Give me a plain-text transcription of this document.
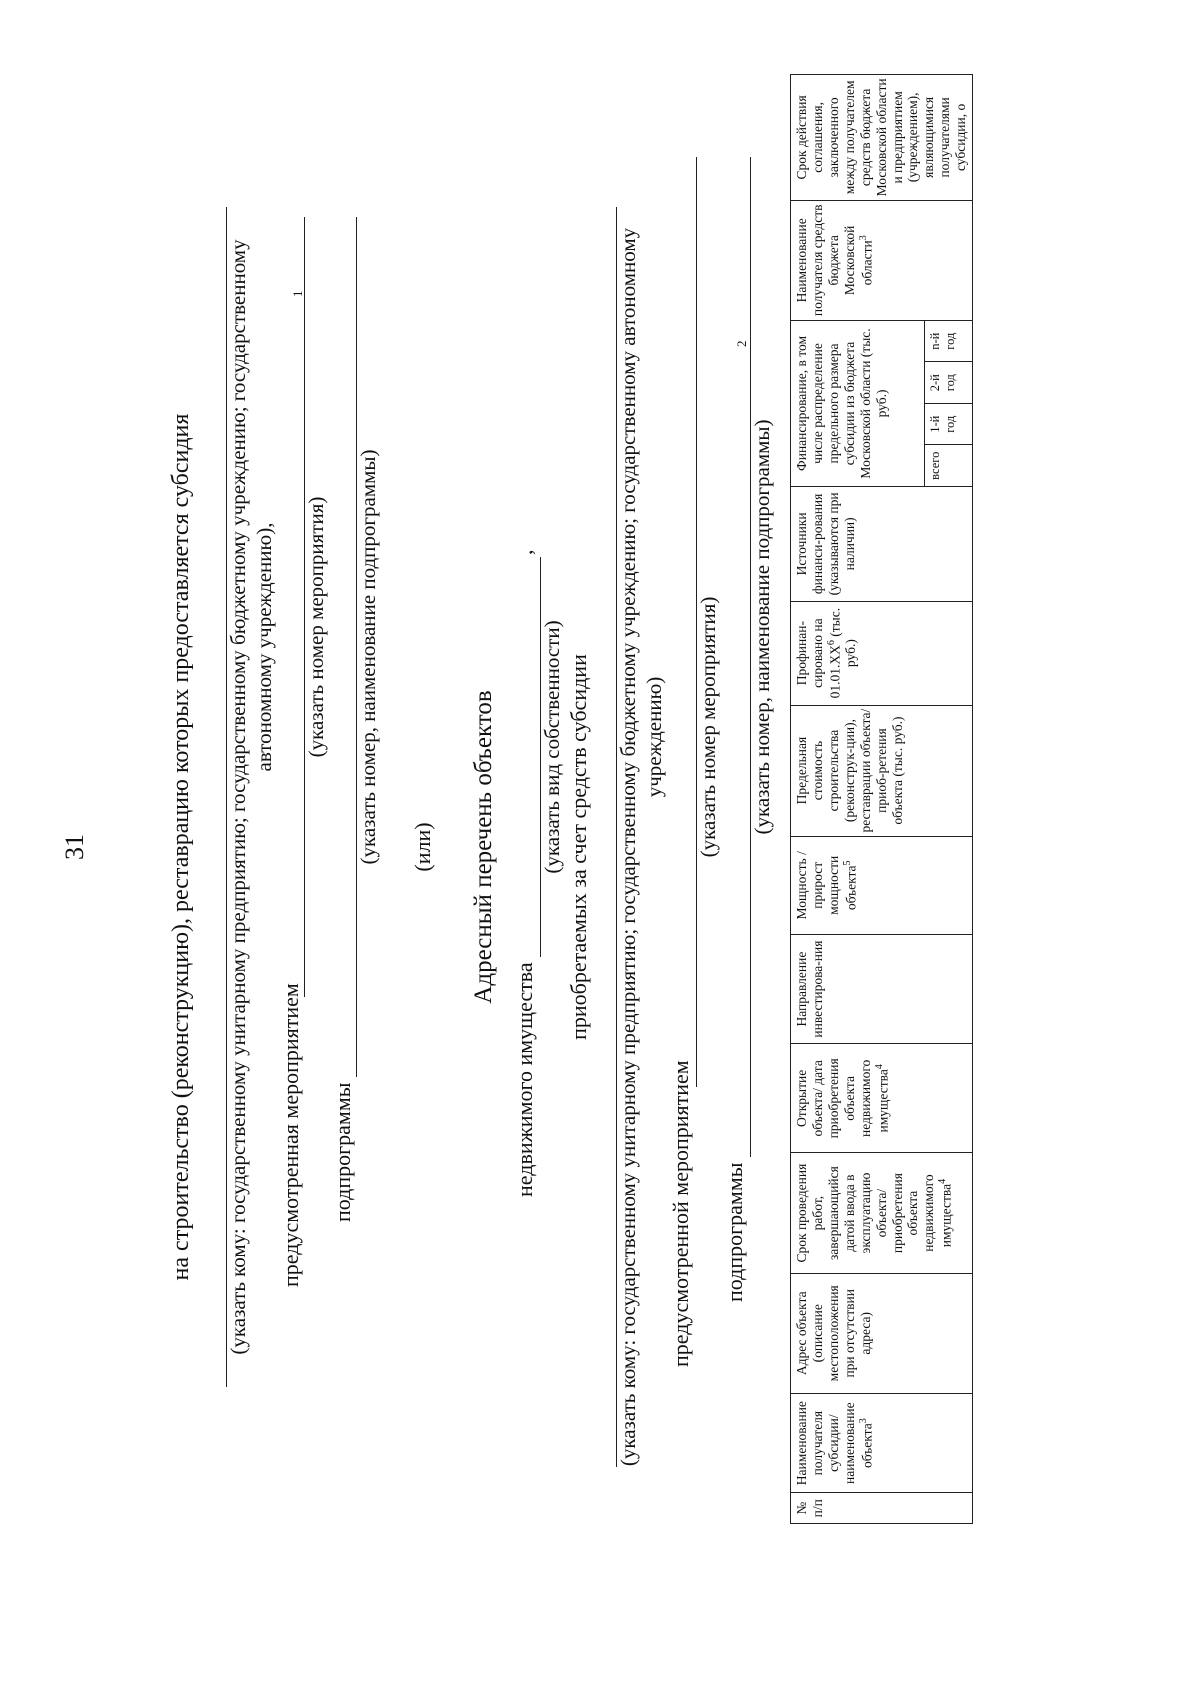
31	на строительство (реконструкцию), реставрацию которых предоставляется субсидия (указать кому: государственному унитарному предприятию; государственному бюджетному учреждению; государственному автономному учреждению),
предусмотренная мероприятием
1
(указать номер мероприятия)
подпрограммы
(указать номер, наименование подпрограммы) (или) Адресный перечень объектов
недвижимого имущества
,
(указать вид собственности) приобретаемых за счет средств субсидии (указать кому: государственному унитарному предприятию; государственному бюджетному учреждению; государственному автономному учреждению)
предусмотренной мероприятием
(указать номер мероприятия)
подпрограммы
2
(указать номер, наименование подпрограммы)
№ п/п	Наименование получателя субсидии/ наименование объекта$^3$	Адрес объекта (описание местоположения при отсутствии адреса)	Срок проведения работ, завершающийся датой ввода в эксплуатацию объекта/ приобретения объекта недвижимого имущества$^4$	Открытие объекта/ дата приобретения объекта недвижимого имущества$^4$	Направление инвестирова-ния	Мощность / прирост мощности объекта$^5$	Предельная стоимость строительства (реконструк-ции), реставрации объекта/приоб-ретения объекта (тыс. руб.)	Профинан-сировано на $01.01.XX^6$ (тыс. руб.)	Источники финанси-рования (указываются при наличии)	Финансирование, в том числе распределение предельного размера субсидии из бюджета Московской области (тыс. руб.)				Наименование получателя средств бюджета Московской области$^3$	Срок действия соглашения, заключенного между получателем средств бюджета Московской области и предприятием (учреждением), являющимися получателями субсидии, о
										всего	1-й год	2-й год	n-й год		
